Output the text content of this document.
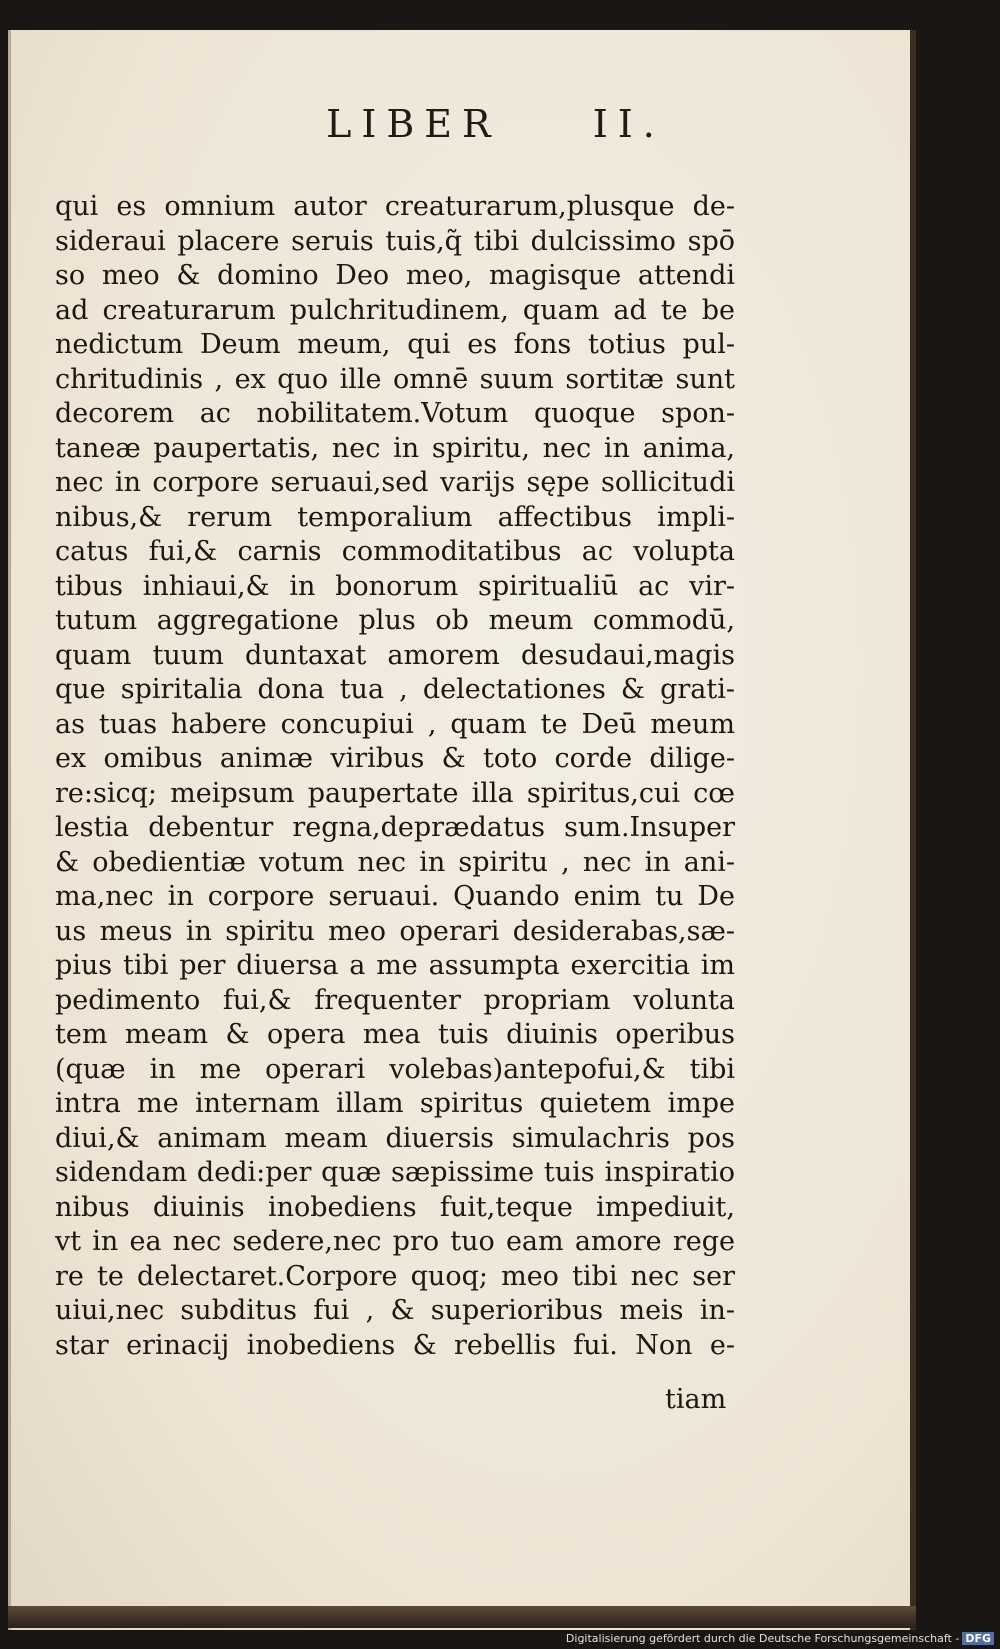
LIBER II.
qui es omnium autor creaturarum,plusque de-
sideraui placere seruis tuis,q̃ tibi dulcissimo spō
so meo & domino Deo meo, magisque attendi
ad creaturarum pulchritudinem, quam ad te be
nedictum Deum meum, qui es fons totius pul-
chritudinis , ex quo ille omnē suum sortitæ sunt
decorem ac nobilitatem.Votum quoque spon-
taneæ paupertatis, nec in spiritu, nec in anima,
nec in corpore seruaui,sed varijs sępe sollicitudi
nibus,& rerum temporalium affectibus impli-
catus fui,& carnis commoditatibus ac volupta
tibus inhiaui,& in bonorum spiritualiū ac vir-
tutum aggregatione plus ob meum commodū,
quam tuum duntaxat amorem desudaui,magis
que spiritalia dona tua , delectationes & grati-
as tuas habere concupiui , quam te Deū meum
ex omibus animæ viribus & toto corde dilige-
re:sicq; meipsum paupertate illa spiritus,cui cœ
lestia debentur regna,deprædatus sum.Insuper
& obedientiæ votum nec in spiritu , nec in ani-
ma,nec in corpore seruaui. Quando enim tu De
us meus in spiritu meo operari desiderabas,sæ-
pius tibi per diuersa a me assumpta exercitia im
pedimento fui,& frequenter propriam volunta
tem meam & opera mea tuis diuinis operibus
(quæ in me operari volebas)antepofui,& tibi
intra me internam illam spiritus quietem impe
diui,& animam meam diuersis simulachris pos
sidendam dedi:per quæ sæpissime tuis inspiratio
nibus diuinis inobediens fuit,teque impediuit,
vt in ea nec sedere,nec pro tuo eam amore rege
re te delectaret.Corpore quoq; meo tibi nec ser
uiui,nec subditus fui , & superioribus meis in-
star erinacij inobediens & rebellis fui. Non e-
tiam
Digitalisierung gefördert durch die Deutsche Forschungsgemeinschaft - DFG
